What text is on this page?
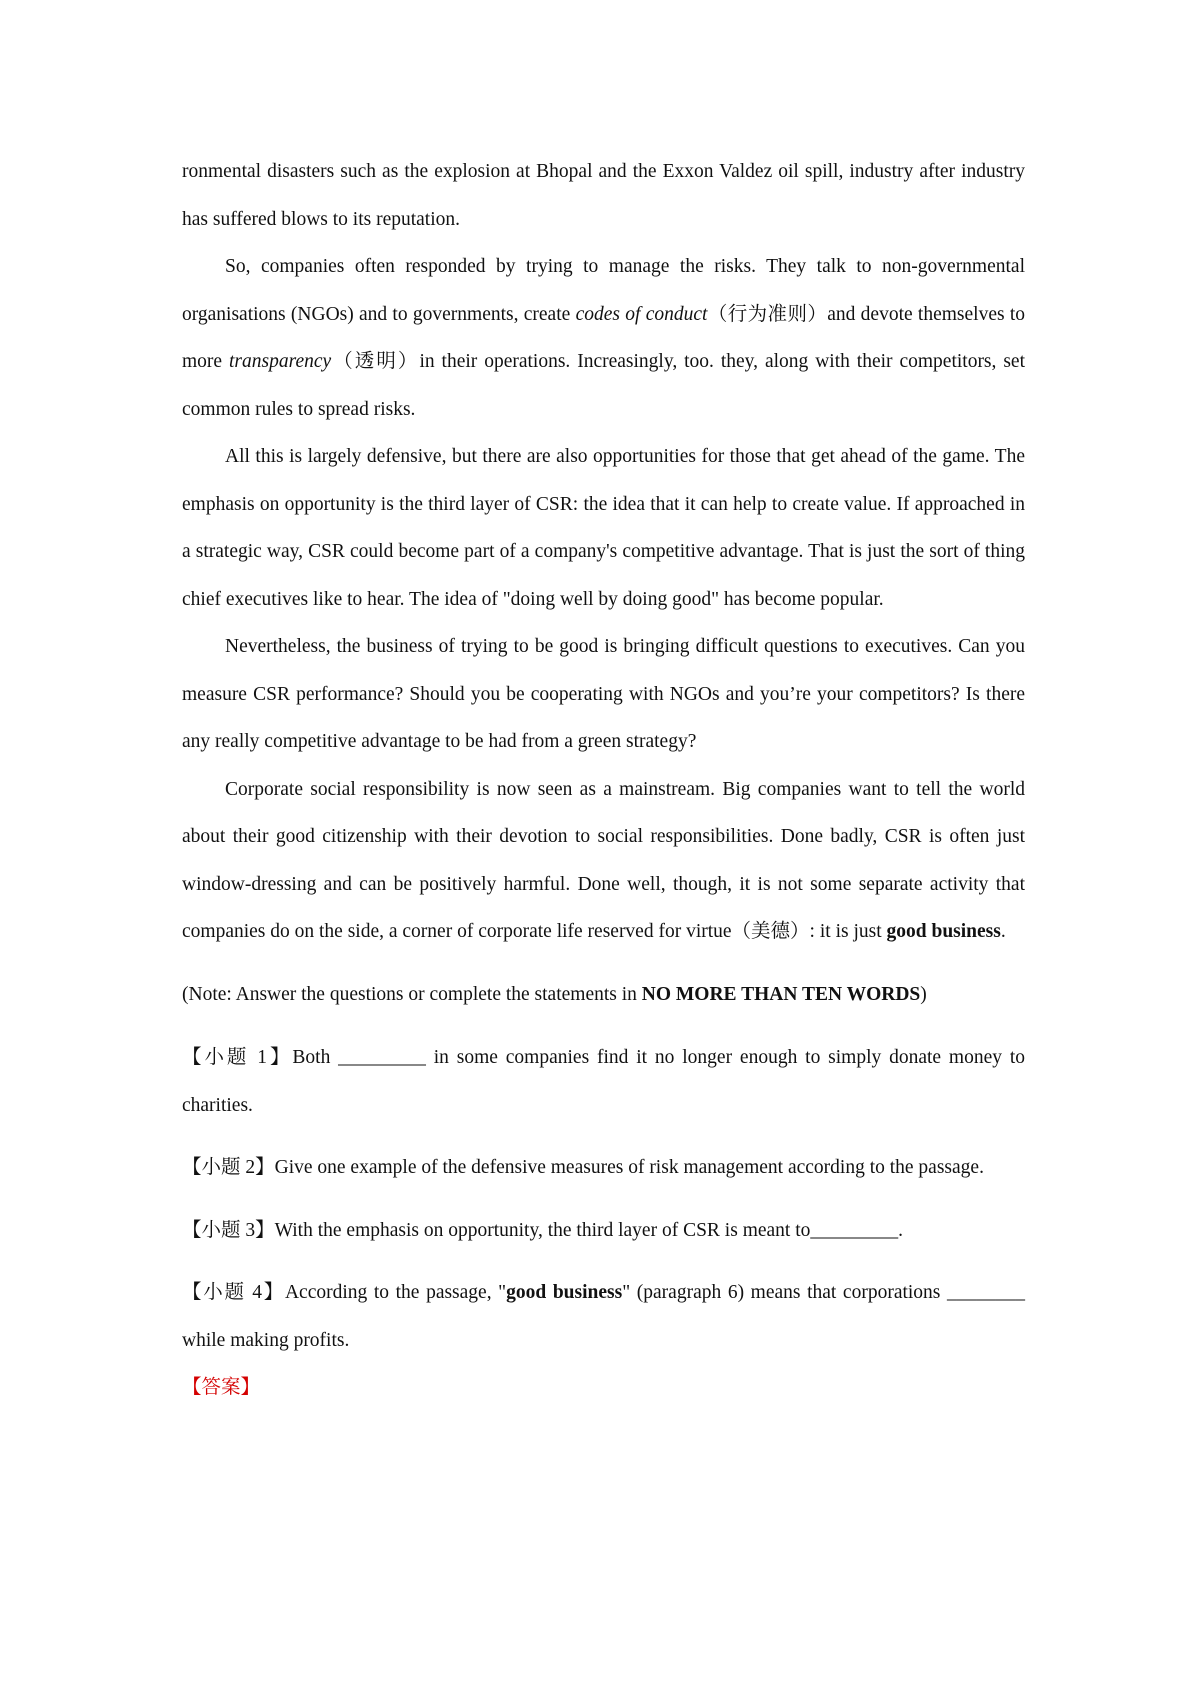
ronmental disasters such as the explosion at Bhopal and the Exxon Valdez oil spill, industry after industry has suffered blows to its reputation.

So, companies often responded by trying to manage the risks. They talk to non-governmental organisations (NGOs) and to governments, create codes of conduct（行为准则）and devote themselves to more transparency（透明）in their operations. Increasingly, too. they, along with their competitors, set common rules to spread risks.

All this is largely defensive, but there are also opportunities for those that get ahead of the game. The emphasis on opportunity is the third layer of CSR: the idea that it can help to create value. If approached in a strategic way, CSR could become part of a company's competitive advantage. That is just the sort of thing chief executives like to hear. The idea of "doing well by doing good" has become popular.

Nevertheless, the business of trying to be good is bringing difficult questions to executives. Can you measure CSR performance? Should you be cooperating with NGOs and you’re your competitors? Is there any really competitive advantage to be had from a green strategy?

Corporate social responsibility is now seen as a mainstream. Big companies want to tell the world about their good citizenship with their devotion to social responsibilities. Done badly, CSR is often just window-dressing and can be positively harmful. Done well, though, it is not some separate activity that companies do on the side, a corner of corporate life reserved for virtue（美德）: it is just good business.

(Note: Answer the questions or complete the statements in NO MORE THAN TEN WORDS)

【小题 1】Both _________ in some companies find it no longer enough to simply donate money to charities.

【小题 2】Give one example of the defensive measures of risk management according to the passage.

【小题 3】With the emphasis on opportunity, the third layer of CSR is meant to_________.

【小题 4】According to the passage, "good business" (paragraph 6) means that corporations ________ while making profits.

【答案】
